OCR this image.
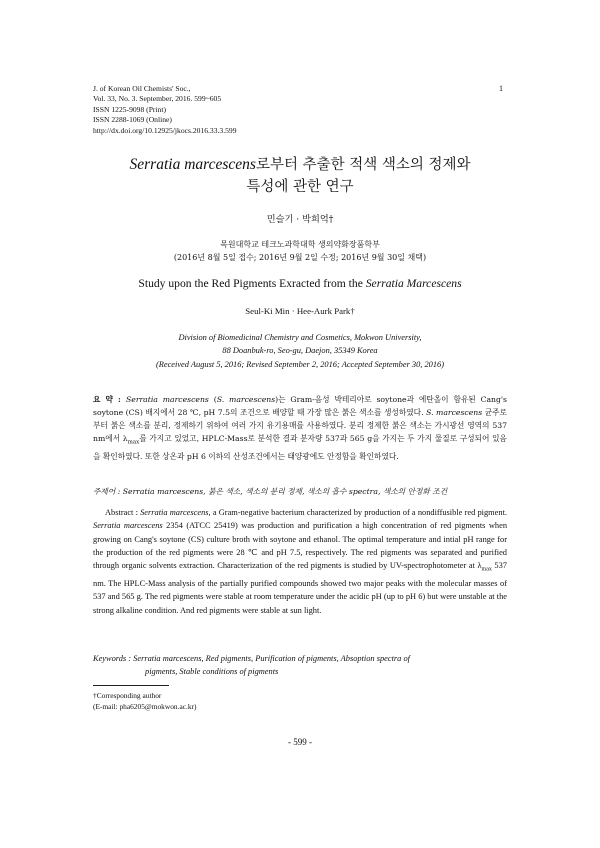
J. of Korean Oil Chemists' Soc.,
Vol. 33, No. 3. September, 2016. 599~605
ISSN 1225-9098 (Print)
ISSN 2288-1069 (Online)
http://dx.doi.org/10.12925/jkocs.2016.33.3.599
1
Serratia marcescens로부터 추출한 적색 색소의 정제와
특성에 관한 연구
민슬기 · 박희억†
목원대학교 테크노과학대학 생의약화장품학부
(2016년 8월 5일 접수; 2016년 9월 2일 수정; 2016년 9월 30일 채택)
Study upon the Red Pigments Exracted from the Serratia Marcescens
Seul-Ki Min · Hee-Aurk Park†
Division of Biomedicinal Chemistry and Cosmetics, Mokwon University,
88 Doanbuk-ro, Seo-gu, Daejon, 35349 Korea
(Received August 5, 2016; Revised September 2, 2016; Accepted September 30, 2016)
요 약 : Serratia marcescens (S. marcescens)는 Gram-음성 박테리아로 soytone과 에탄올이 함유된 Cang's soytone (CS) 배지에서 28 ℃, pH 7.5의 조건으로 배양할 때 가장 많은 붉은 색소를 생성하였다. S. marcescens 균주로부터 붉은 색소를 분리, 정제하기 위하여 여러 가지 유기용매를 사용하였다. 분리 정제한 붉은 색소는 가시광선 영역의 537 nm에서 $\lambda_{max}$를 가지고 있었고, HPLC-Mass로 분석한 결과 분자량 537과 565 g을 가지는 두 가지 물질로 구성되어 있음을 확인하였다. 또한 상온과 pH 6 이하의 산성조건에서는 태양광에도 안정함을 확인하였다.
주제어 : Serratia marcescens, 붉은 색소, 색소의 분리 정제, 색소의 흡수 spectra, 색소의 안정화 조건
Abstract : Serratia marcescens, a Gram-negative bacterium characterized by production of a nondiffusible red pigment. Serratia marcescens 2354 (ATCC 25419) was production and purification a high concentration of red pigments when growing on Cang's soytone (CS) culture broth with soytone and ethanol. The optimal temperature and intial pH range for the production of the red pigments were 28 ℃ and pH 7.5, respectively. The red pigments was separated and purified through organic solvents extraction. Characterization of the red pigments is studied by UV-spectrophotometer at $\lambda_{max}$ 537 nm. The HPLC-Mass analysis of the partially purified compounds showed two major peaks with the molecular masses of 537 and 565 g. The red pigments were stable at room temperature under the acidic pH (up to pH 6) but were unstable at the strong alkaline condition. And red pigments were stable at sun light.
Keywords : Serratia marcescens, Red pigments, Purification of pigments, Absoption spectra of
pigments, Stable conditions of pigments
†Corresponding author
(E-mail: pha6205@mokwon.ac.kr)
- 599 -
